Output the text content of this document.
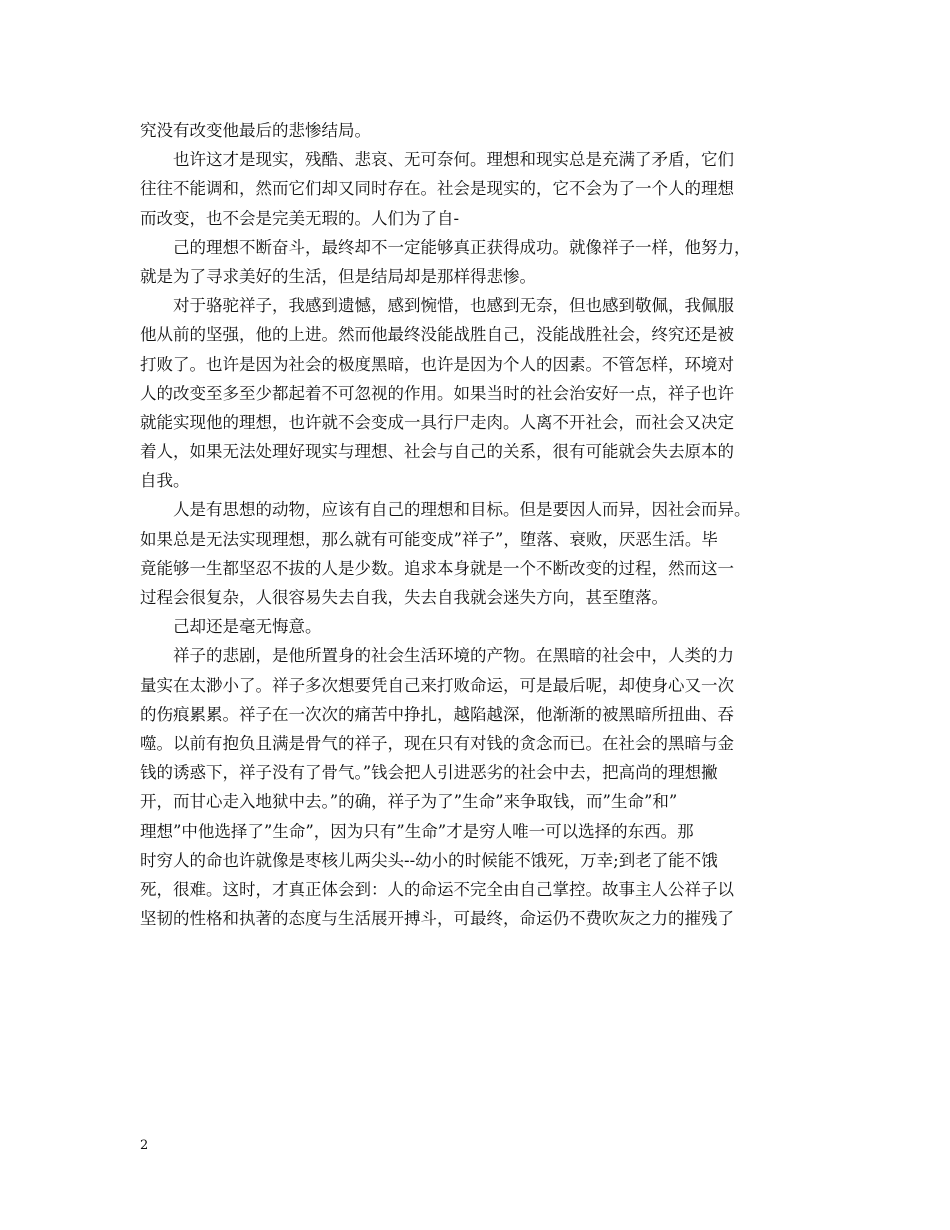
究没有改变他最后的悲惨结局。
　　也许这才是现实，残酷、悲哀、无可奈何。理想和现实总是充满了矛盾，它们
往往不能调和，然而它们却又同时存在。社会是现实的，它不会为了一个人的理想
而改变，也不会是完美无瑕的。人们为了自-
　　己的理想不断奋斗，最终却不一定能够真正获得成功。就像祥子一样，他努力，
就是为了寻求美好的生活，但是结局却是那样得悲惨。
　　对于骆驼祥子，我感到遗憾，感到惋惜，也感到无奈，但也感到敬佩，我佩服
他从前的坚强，他的上进。然而他最终没能战胜自己，没能战胜社会，终究还是被
打败了。也许是因为社会的极度黑暗，也许是因为个人的因素。不管怎样，环境对
人的改变至多至少都起着不可忽视的作用。如果当时的社会治安好一点，祥子也许
就能实现他的理想，也许就不会变成一具行尸走肉。人离不开社会，而社会又决定
着人，如果无法处理好现实与理想、社会与自己的关系，很有可能就会失去原本的
自我。
　　人是有思想的动物，应该有自己的理想和目标。但是要因人而异，因社会而异。
如果总是无法实现理想，那么就有可能变成”祥子”，堕落、衰败，厌恶生活。毕
竟能够一生都坚忍不拔的人是少数。追求本身就是一个不断改变的过程，然而这一
过程会很复杂，人很容易失去自我，失去自我就会迷失方向，甚至堕落。
　　己却还是毫无悔意。
　　祥子的悲剧，是他所置身的社会生活环境的产物。在黑暗的社会中，人类的力
量实在太渺小了。祥子多次想要凭自己来打败命运，可是最后呢，却使身心又一次
的伤痕累累。祥子在一次次的痛苦中挣扎，越陷越深，他渐渐的被黑暗所扭曲、吞
噬。以前有抱负且满是骨气的祥子，现在只有对钱的贪念而已。在社会的黑暗与金
钱的诱惑下，祥子没有了骨气。”钱会把人引进恶劣的社会中去，把高尚的理想撇
开，而甘心走入地狱中去。”的确，祥子为了”生命”来争取钱，而”生命”和”
理想”中他选择了”生命”，因为只有”生命”才是穷人唯一可以选择的东西。那
时穷人的命也许就像是枣核儿两尖头--幼小的时候能不饿死，万幸;到老了能不饿
死，很难。这时，才真正体会到：人的命运不完全由自己掌控。故事主人公祥子以
坚韧的性格和执著的态度与生活展开搏斗，可最终，命运仍不费吹灰之力的摧残了
2
